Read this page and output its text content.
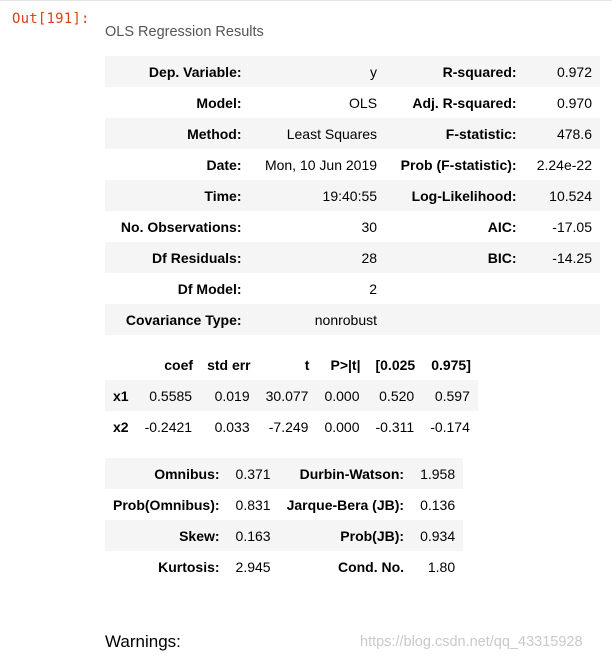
Out[191]:
OLS Regression Results
Dep. Variable:	y	R-squared:	0.972
Model:	OLS	Adj. R-squared:	0.970
Method:	Least Squares	F-statistic:	478.6
Date:	Mon, 10 Jun 2019	Prob (F-statistic):	2.24e-22
Time:	19:40:55	Log-Likelihood:	10.524
No. Observations:	30	AIC:	-17.05
Df Residuals:	28	BIC:	-14.25
Df Model:	2		
Covariance Type:	nonrobust		
	coef	std err	t	P>|t|	[0.025	0.975]
x1	0.5585	0.019	30.077	0.000	0.520	0.597
x2	-0.2421	0.033	-7.249	0.000	-0.311	-0.174
Omnibus:	0.371	Durbin-Watson:	1.958
Prob(Omnibus):	0.831	Jarque-Bera (JB):	0.136
Skew:	0.163	Prob(JB):	0.934
Kurtosis:	2.945	Cond. No.	1.80
Warnings:	https://blog.csdn.net/qq_43315928
